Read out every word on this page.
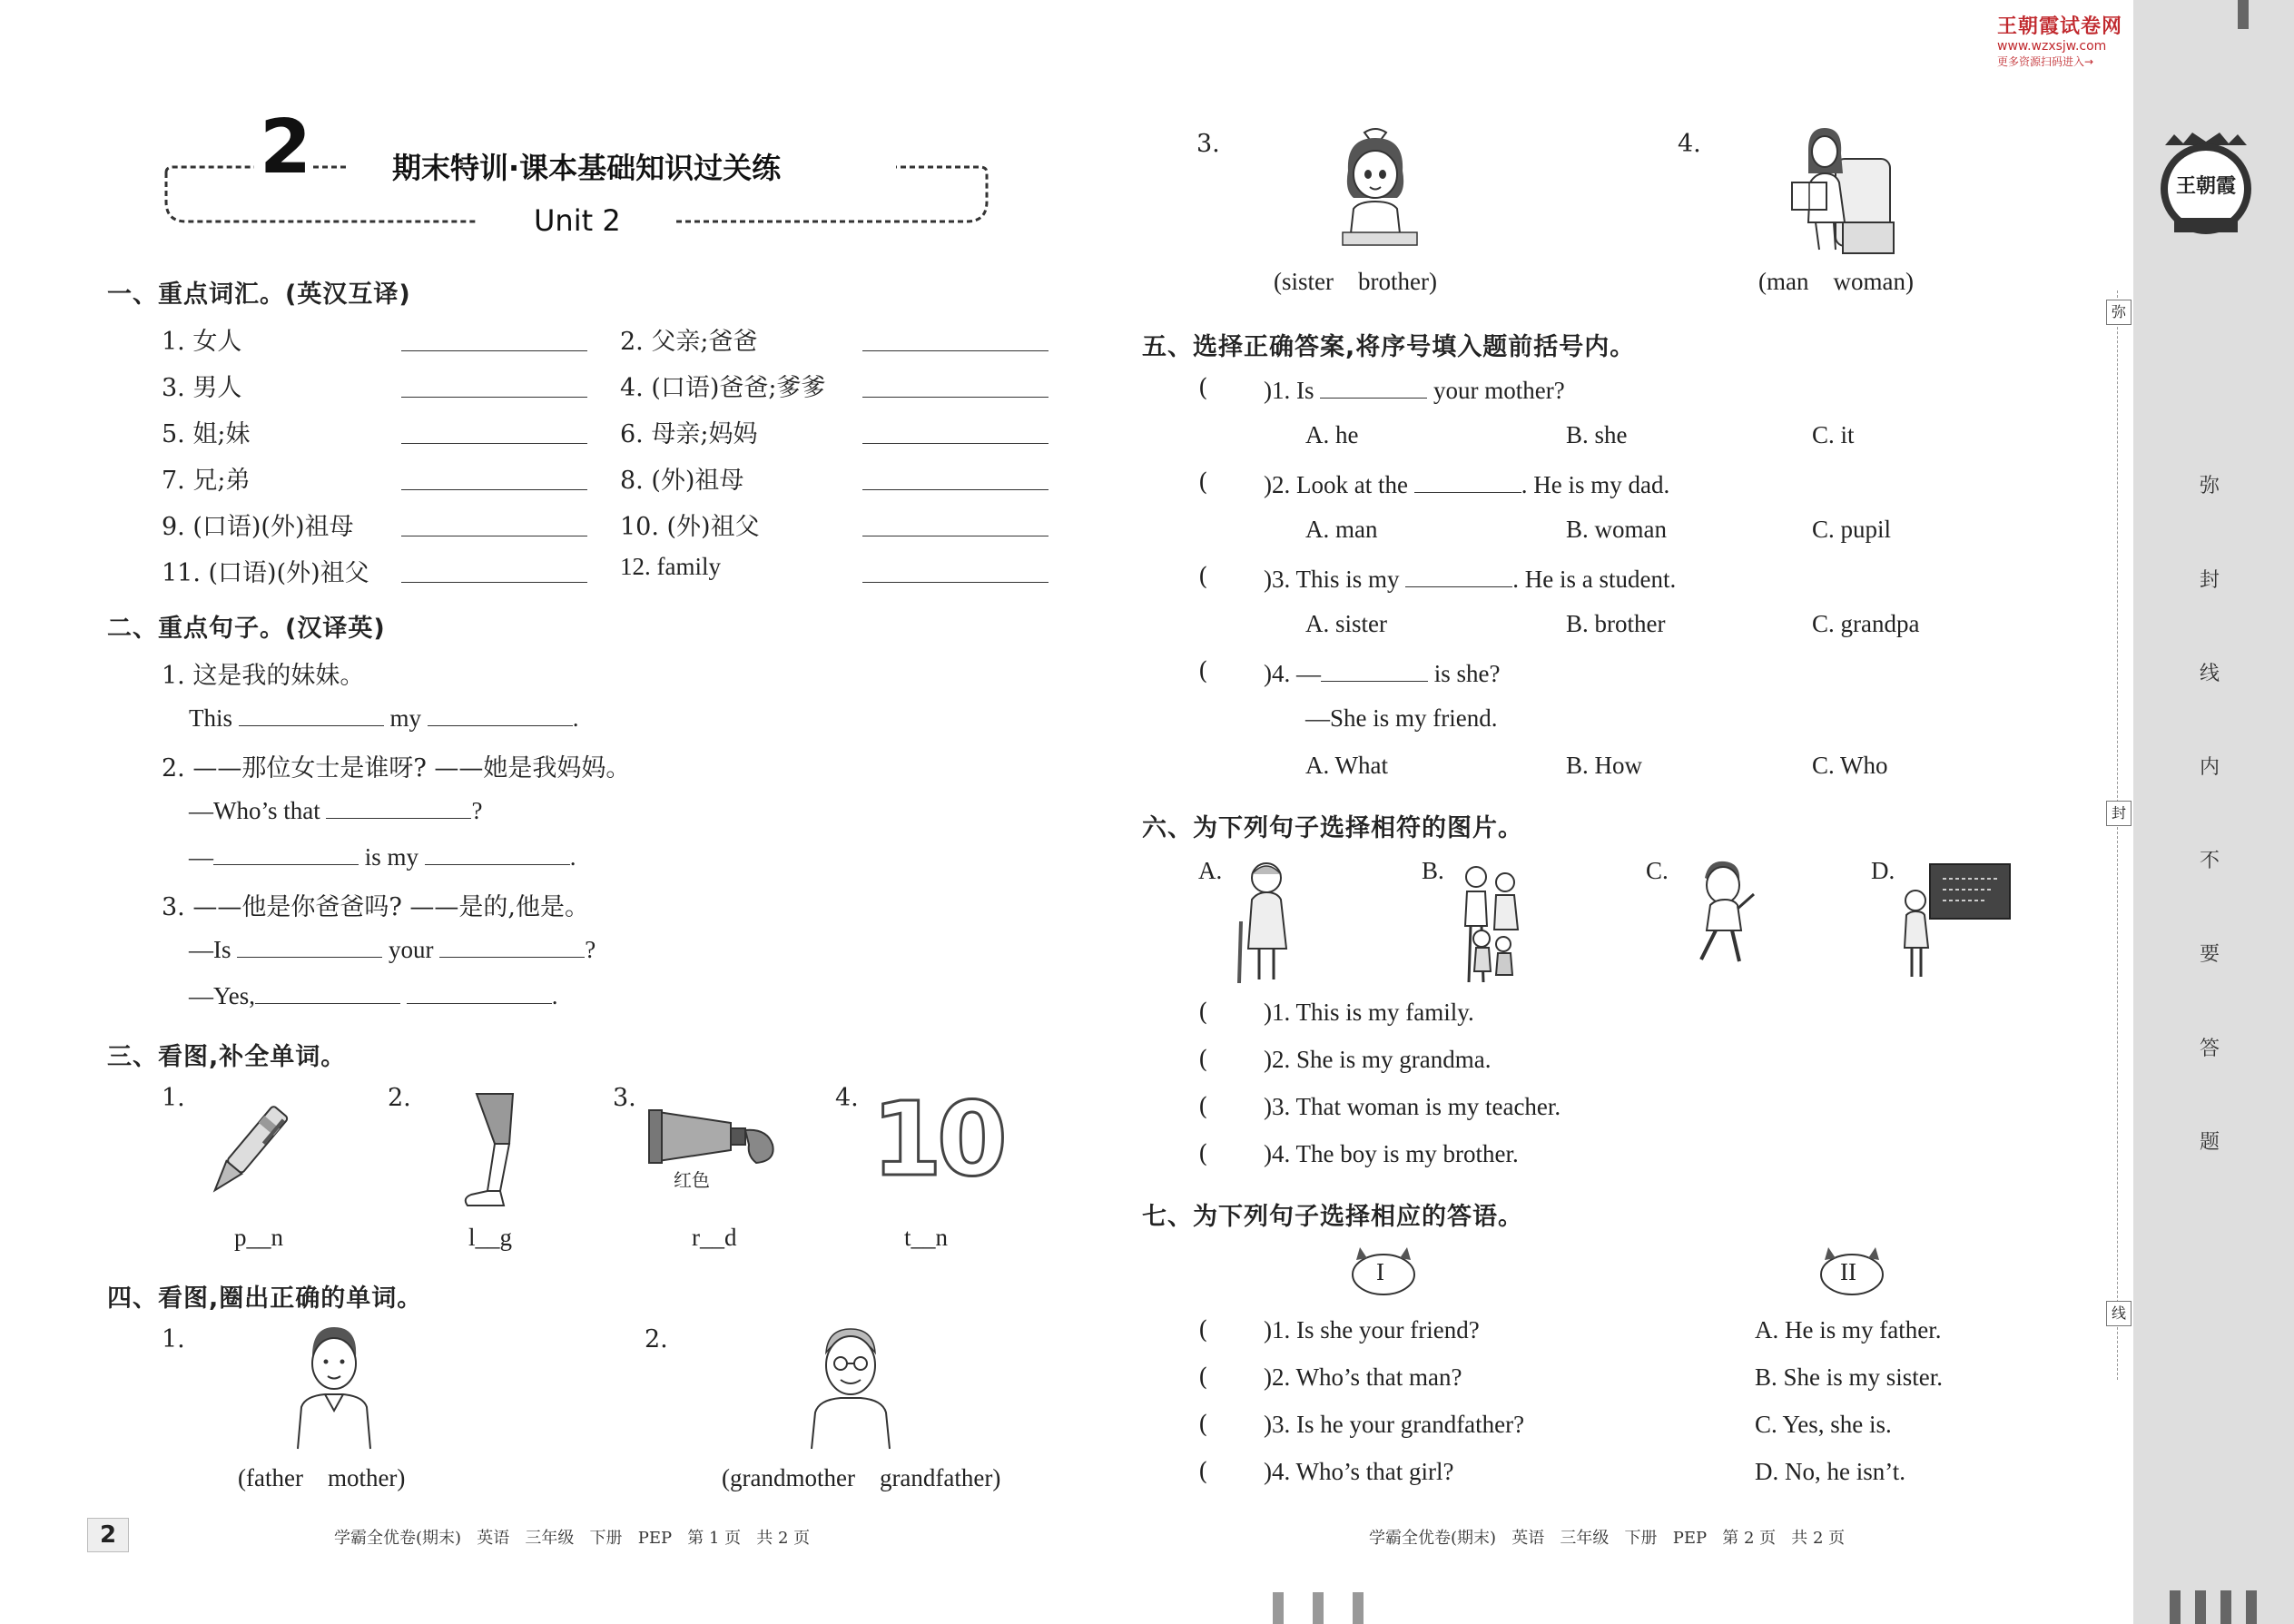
王朝霞试卷网
www.wzxsjw.com
更多资源扫码进入→
王朝霞
弥
封
线
内
不
要
答
题
弥
封
线
2	期末特训·课本基础知识过关练
Unit 2
一、重点词汇。(英汉互译)
1. 女人	2. 父亲;爸爸
3. 男人	4. (口语)爸爸;爹爹
5. 姐;妹	6. 母亲;妈妈
7. 兄;弟	8. (外)祖母
9. (口语)(外)祖母	10. (外)祖父
11. (口语)(外)祖父	12. family
二、重点句子。(汉译英)
1. 这是我的妹妹。
This	my	.
2. ——那位女士是谁呀? ——她是我妈妈。
—Who’s that	?
—	is my	.
3. ——他是你爸爸吗? ——是的,他是。
—Is	your	?
—Yes,	.
三、看图,补全单词。
1.
p__n
2.
l__g
3.
红色
r__d
4. 10
t__n
四、看图,圈出正确的单词。
1.
(father    mother)
2.
(grandmother    grandfather)
3.
(sister    brother)
4.
(man    woman)
五、选择正确答案,将序号填入题前括号内。
( )1. Is	your mother?
A. he	B. she	C. it
( )2. Look at the	. He is my dad.
A. man	B. woman	C. pupil
( )3. This is my	. He is a student.
A. sister	B. brother	C. grandpa
( )4. —	is she?
—She is my friend.
A. What	B. How	C. Who
六、为下列句子选择相符的图片。
A.	B.	C.	D.
( )1. This is my family.
( )2. She is my grandma.
( )3. That woman is my teacher.
( )4. The boy is my brother.
七、为下列句子选择相应的答语。
I	II
( )1. Is she your friend?	A. He is my father.
( )2. Who’s that man?	B. She is my sister.
( )3. Is he your grandfather?	C. Yes, she is.
( )4. Who’s that girl?	D. No, he isn’t.
2	学霸全优卷(期末)   英语   三年级   下册   PEP   第 1 页   共 2 页	学霸全优卷(期末)   英语   三年级   下册   PEP   第 2 页   共 2 页
